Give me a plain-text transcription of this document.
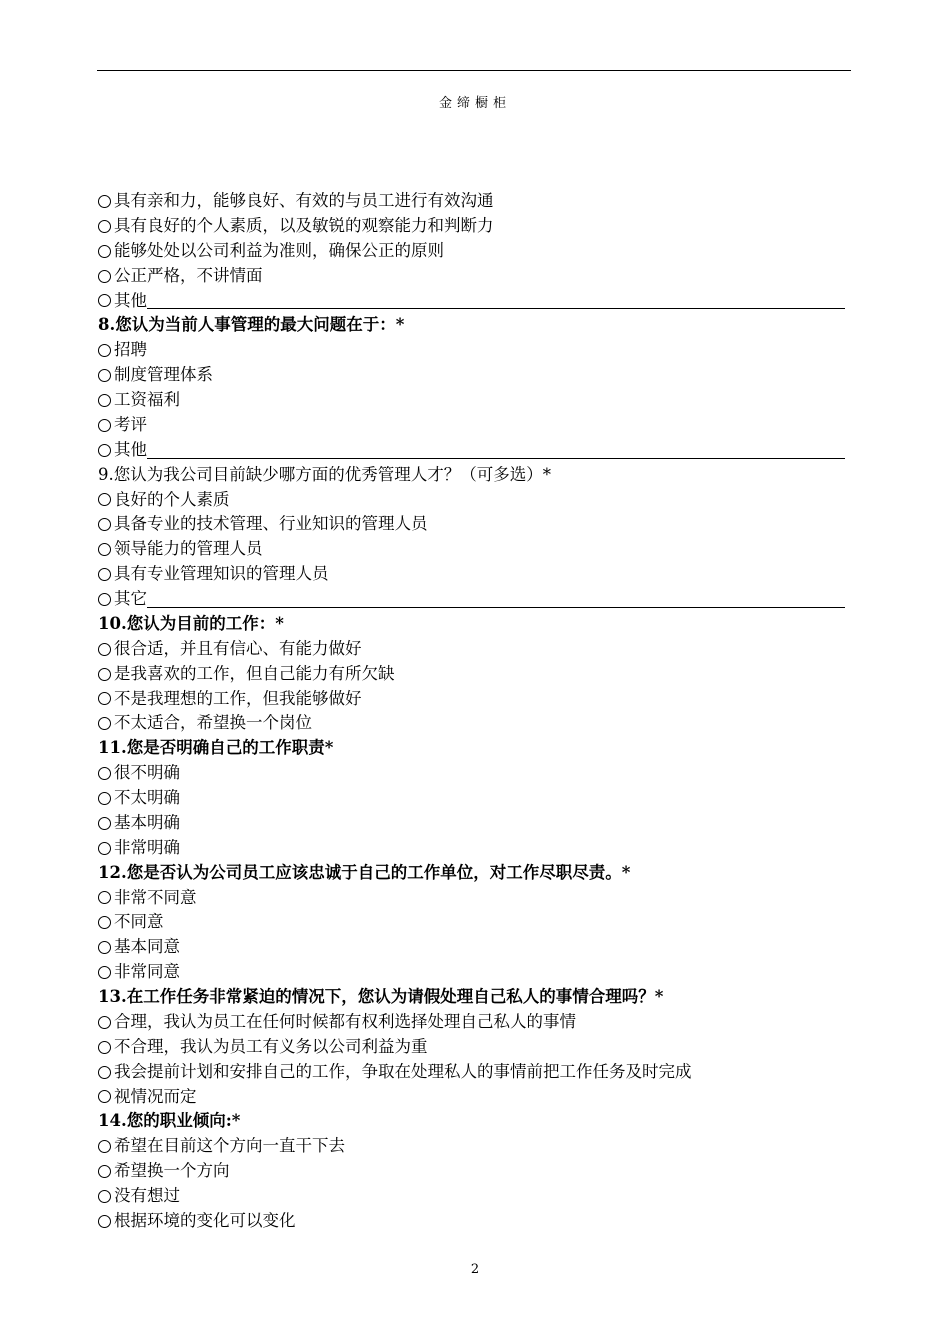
金缔橱柜
具有亲和力，能够良好、有效的与员工进行有效沟通
具有良好的个人素质，以及敏锐的观察能力和判断力
能够处处以公司利益为准则，确保公正的原则
公正严格，不讲情面
其他
8.您认为当前人事管理的最大问题在于：*
招聘
制度管理体系
工资福利
考评
其他
9.您认为我公司目前缺少哪方面的优秀管理人才？（可多选）*
良好的个人素质
具备专业的技术管理、行业知识的管理人员
领导能力的管理人员
具有专业管理知识的管理人员
其它
10.您认为目前的工作：*
很合适，并且有信心、有能力做好
是我喜欢的工作，但自己能力有所欠缺
不是我理想的工作，但我能够做好
不太适合，希望换一个岗位
11.您是否明确自己的工作职责*
很不明确
不太明确
基本明确
非常明确
12.您是否认为公司员工应该忠诚于自己的工作单位，对工作尽职尽责。*
非常不同意
不同意
基本同意
非常同意
13.在工作任务非常紧迫的情况下，您认为请假处理自己私人的事情合理吗？*
合理，我认为员工在任何时候都有权利选择处理自己私人的事情
不合理，我认为员工有义务以公司利益为重
我会提前计划和安排自己的工作，争取在处理私人的事情前把工作任务及时完成
视情况而定
14.您的职业倾向:*
希望在目前这个方向一直干下去
希望换一个方向
没有想过
根据环境的变化可以变化
2
